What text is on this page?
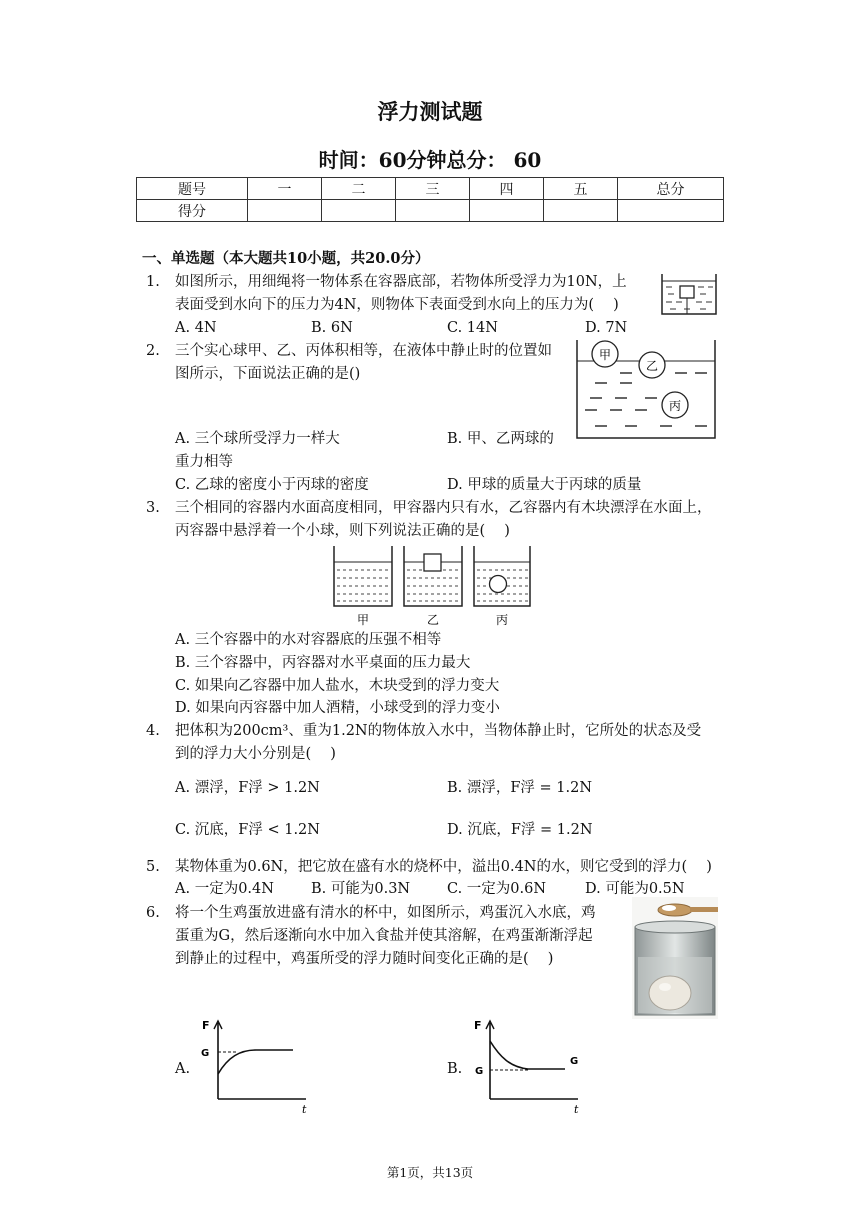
浮力测试题
时间：60分钟总分： 60
题号	一	二	三	四	五	总分
得分						
一、单选题（本大题共10小题，共20.0分）
1. 如图所示，用细绳将一物体系在容器底部，若物体所受浮力为10N，上
表面受到水向下的压力为4N，则物体下表面受到水向上的压力为(　 )
A. 4N	B. 6N	C. 14N	D. 7N
2. 三个实心球甲、乙、丙体积相等，在液体中静止时的位置如
图所示，下面说法正确的是()
甲
乙
丙
A. 三个球所受浮力一样大	B. 甲、乙两球的
重力相等
C. 乙球的密度小于丙球的密度	D. 甲球的质量大于丙球的质量
3. 三个相同的容器内水面高度相同，甲容器内只有水，乙容器内有木块漂浮在水面上，
丙容器中悬浮着一个小球，则下列说法正确的是(　 )
甲	乙	丙
A. 三个容器中的水对容器底的压强不相等
B. 三个容器中，丙容器对水平桌面的压力最大
C. 如果向乙容器中加人盐水，木块受到的浮力变大
D. 如果向丙容器中加人酒精，小球受到的浮力变小
4. 把体积为200cm³、重为1.2N的物体放入水中，当物体静止时，它所处的状态及受
到的浮力大小分别是(　 )
A. 漂浮，F浮 > 1.2N	B. 漂浮，F浮 = 1.2N
C. 沉底，F浮 < 1.2N	D. 沉底，F浮 = 1.2N
5. 某物体重为0.6N，把它放在盛有水的烧杯中，溢出0.4N的水，则它受到的浮力(　 )
A. 一定为0.4N	B. 可能为0.3N	C. 一定为0.6N	D. 可能为0.5N
6. 将一个生鸡蛋放进盛有清水的杯中，如图所示，鸡蛋沉入水底，鸡
蛋重为G，然后逐渐向水中加入食盐并使其溶解，在鸡蛋渐渐浮起
到静止的过程中，鸡蛋所受的浮力随时间变化正确的是(　 )
A.
F
t
G
B.
F
t
G
G
第1页，共13页
